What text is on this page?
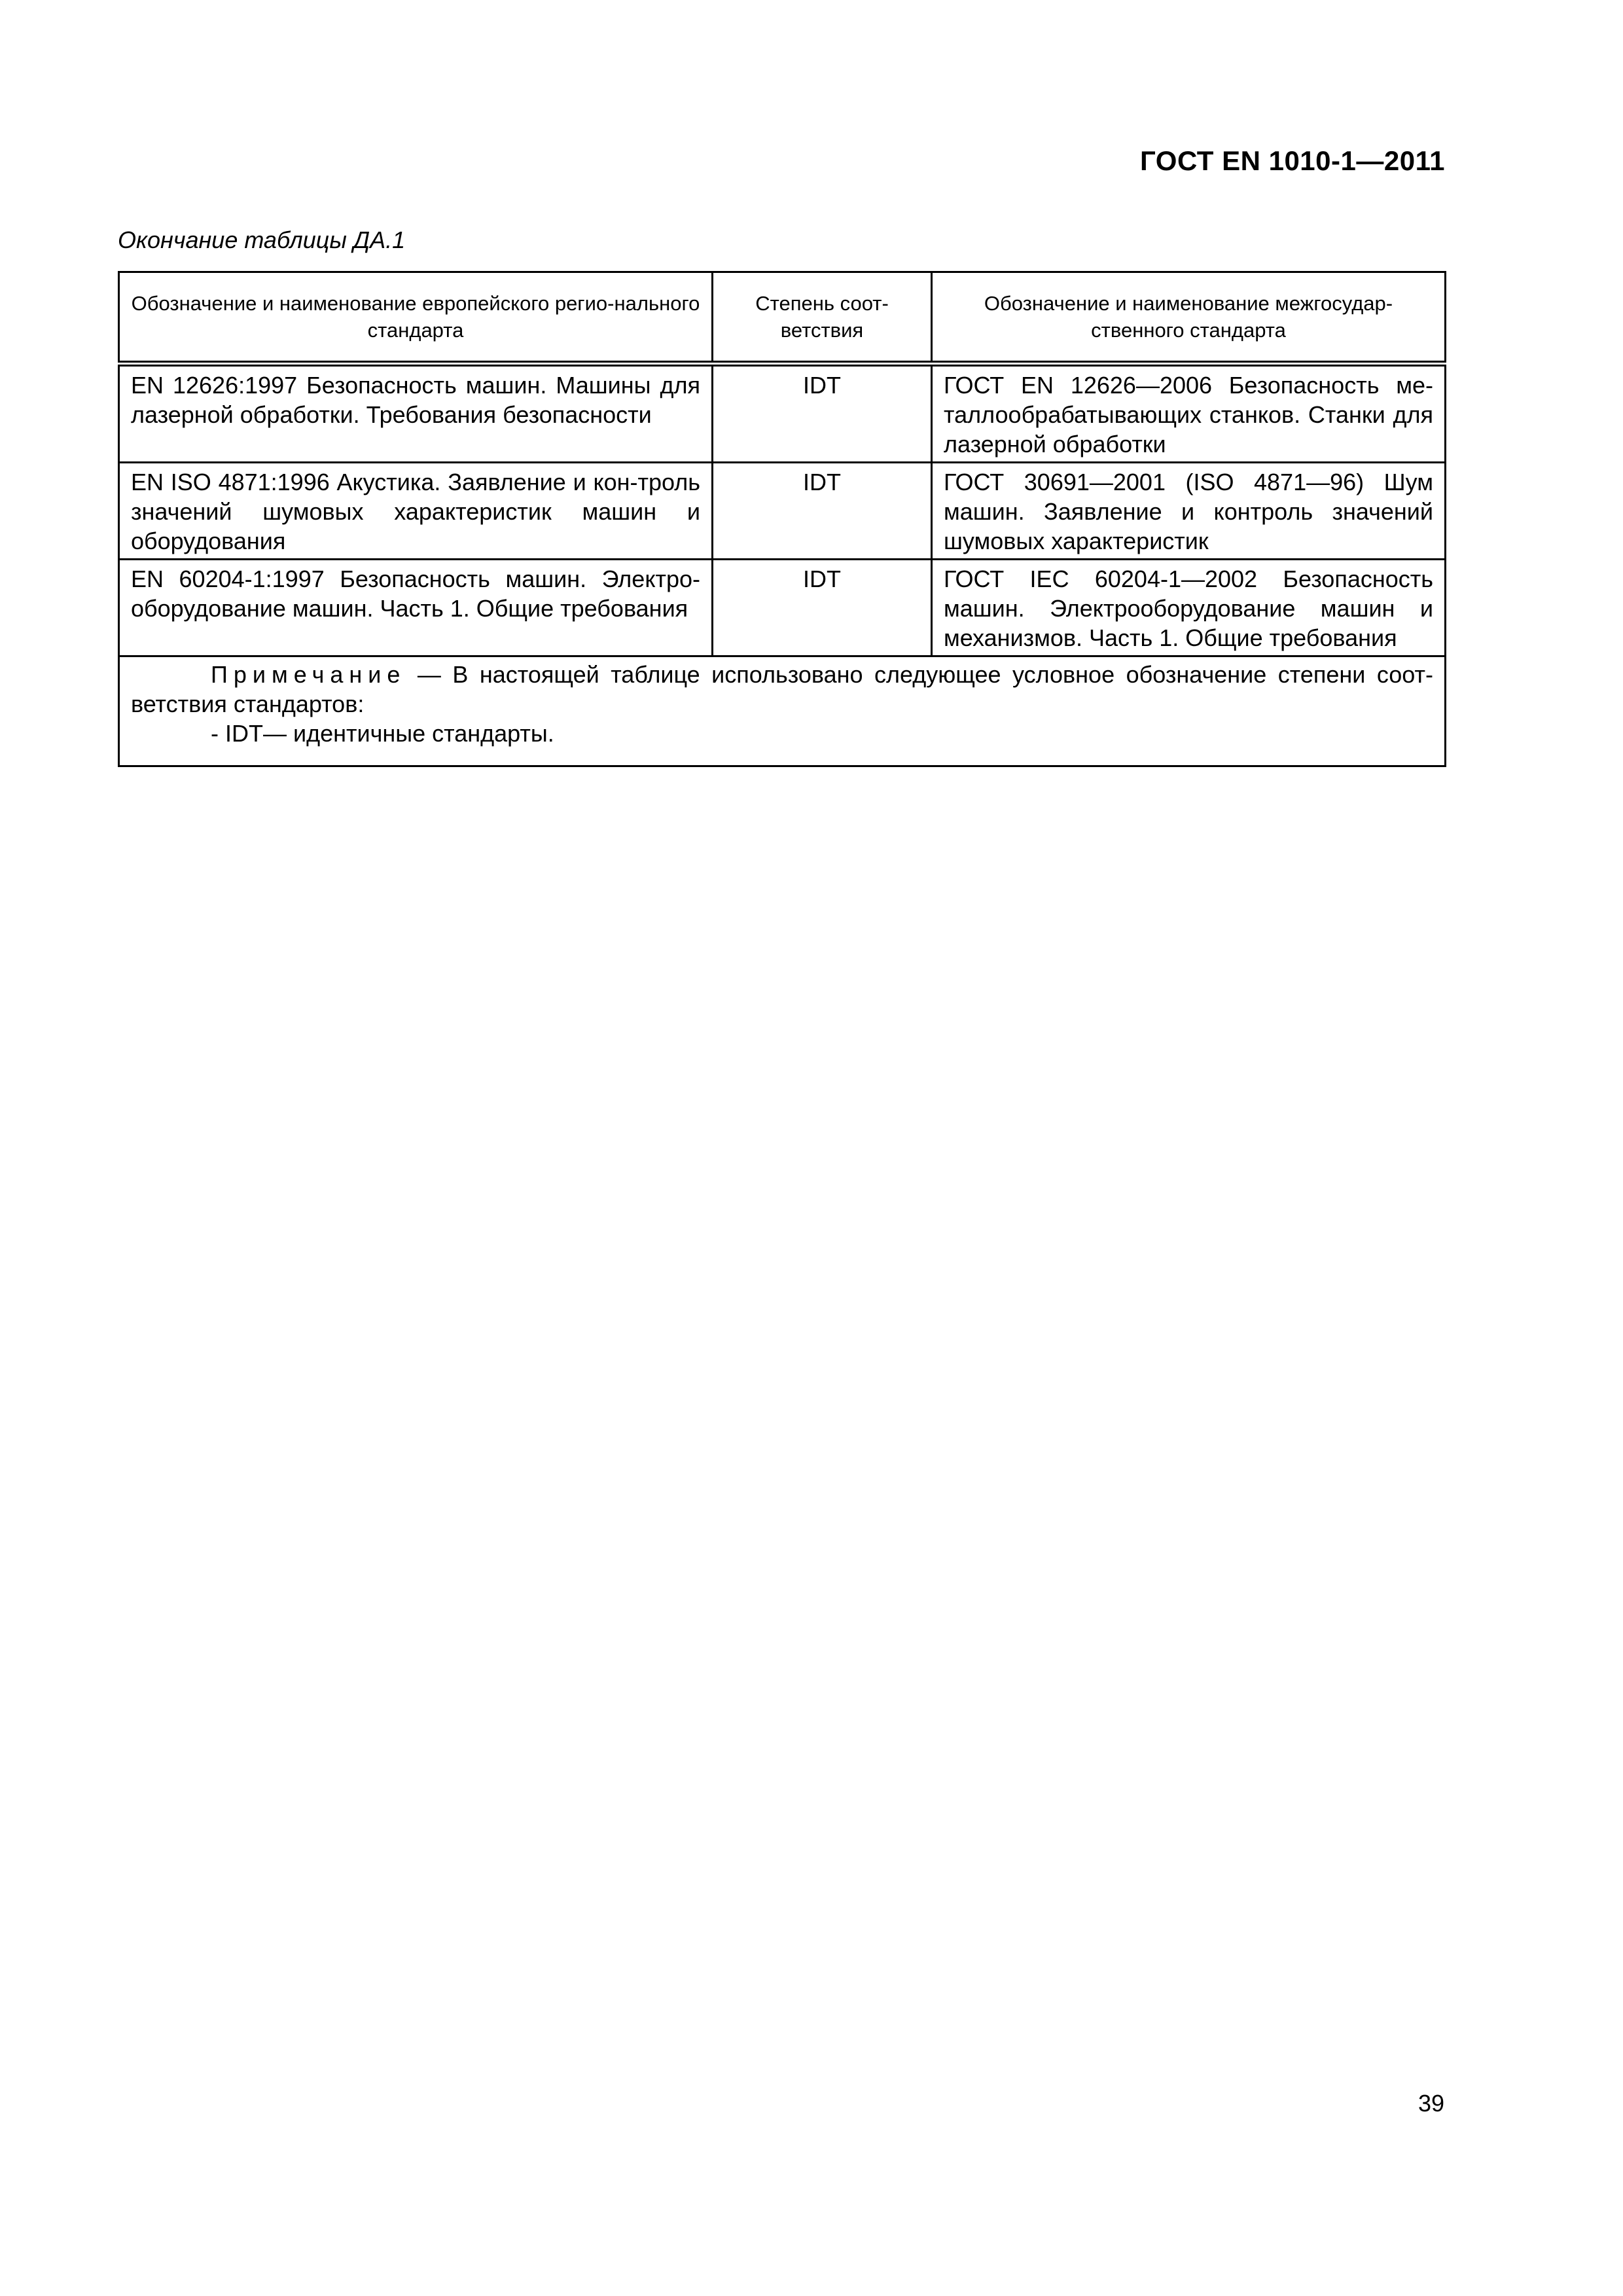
ГОСТ EN 1010-1—2011
Окончание таблицы ДА.1
Обозначение и наименование европейского регио-нального стандарта	Степень соот-ветствия	Обозначение и наименование межгосудар-ственного стандарта
EN 12626:1997 Безопасность машин. Машины для лазерной обработки. Требования безопасности	IDT	ГОСТ EN 12626—2006 Безопасность ме-таллообрабатывающих станков. Станки для лазерной обработки
EN ISO 4871:1996 Акустика. Заявление и кон-троль значений шумовых характеристик машин и оборудования	IDT	ГОСТ 30691—2001 (ISO 4871—96) Шум машин. Заявление и контроль значений шумовых характеристик
EN 60204-1:1997 Безопасность машин. Электро-оборудование машин. Часть 1. Общие требования	IDT	ГОСТ IEC 60204-1—2002 Безопасность машин. Электрооборудование машин и механизмов. Часть 1. Общие требования

Примечание — В настоящей таблице использовано следующее условное обозначение степени соот-ветствия стандартов:
- IDT— идентичные стандарты.		
39
